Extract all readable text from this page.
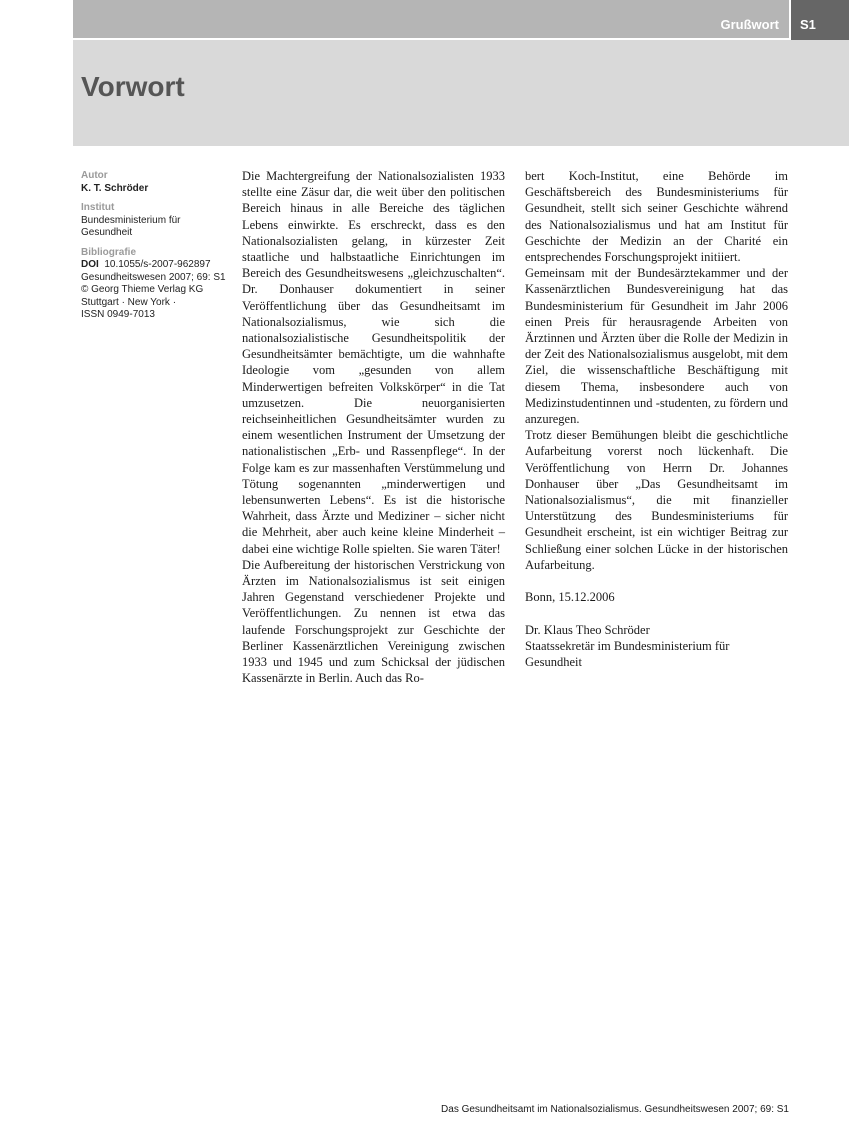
Grußwort S1
Vorwort
Autor
K. T. Schröder
Institut
Bundesministerium für
Gesundheit
Bibliografie
DOI 10.1055/s-2007-962897
Gesundheitswesen 2007; 69: S1
© Georg Thieme Verlag KG
Stuttgart · New York ·
ISSN 0949-7013

Die Machtergreifung der Nationalsozialisten 1933 stellte eine Zäsur dar, die weit über den politischen Bereich hinaus in alle Bereiche des täglichen Lebens einwirkte. Es erschreckt, dass es den Nationalsozialisten gelang, in kürzester Zeit staatliche und halbstaatliche Einrichtungen im Bereich des Gesundheitswesens „gleichzuschalten“. Dr. Donhauser dokumentiert in seiner Veröffentlichung über das Gesundheitsamt im Nationalsozialismus, wie sich die nationalsozialistische Gesundheitspolitik der Gesundheitsämter bemächtigte, um die wahnhafte Ideologie vom „gesunden von allem Minderwertigen befreiten Volkskörper“ in die Tat umzusetzen. Die neuorganisierten reichseinheitlichen Gesundheitsämter wurden zu einem wesentlichen Instrument der Umsetzung der nationalistischen „Erb- und Rassenpflege“. In der Folge kam es zur massenhaften Verstümmelung und Tötung sogenannten „minderwertigen und lebensunwerten Lebens“. Es ist die historische Wahrheit, dass Ärzte und Mediziner – sicher nicht die Mehrheit, aber auch keine kleine Minderheit – dabei eine wichtige Rolle spielten. Sie waren Täter!

Die Aufbereitung der historischen Verstrickung von Ärzten im Nationalsozialismus ist seit einigen Jahren Gegenstand verschiedener Projekte und Veröffentlichungen. Zu nennen ist etwa das laufende Forschungsprojekt zur Geschichte der Berliner Kassenärztlichen Vereinigung zwischen 1933 und 1945 und zum Schicksal der jüdischen Kassenärzte in Berlin. Auch das Ro-

bert Koch-Institut, eine Behörde im Geschäftsbereich des Bundesministeriums für Gesundheit, stellt sich seiner Geschichte während des Nationalsozialismus und hat am Institut für Geschichte der Medizin an der Charité ein entsprechendes Forschungsprojekt initiiert.

Gemeinsam mit der Bundesärztekammer und der Kassenärztlichen Bundesvereinigung hat das Bundesministerium für Gesundheit im Jahr 2006 einen Preis für herausragende Arbeiten von Ärztinnen und Ärzten über die Rolle der Medizin in der Zeit des Nationalsozialismus ausgelobt, mit dem Ziel, die wissenschaftliche Beschäftigung mit diesem Thema, insbesondere auch von Medizinstudentinnen und -studenten, zu fördern und anzuregen.

Trotz dieser Bemühungen bleibt die geschichtliche Aufarbeitung vorerst noch lückenhaft. Die Veröffentlichung von Herrn Dr. Johannes Donhauser über „Das Gesundheitsamt im Nationalsozialismus“, die mit finanzieller Unterstützung des Bundesministeriums für Gesundheit erscheint, ist ein wichtiger Beitrag zur Schließung einer solchen Lücke in der historischen Aufarbeitung.

Bonn, 15.12.2006

Dr. Klaus Theo Schröder

Staatssekretär im Bundesministerium für Gesundheit

Das Gesundheitsamt im Nationalsozialismus. Gesundheitswesen 2007; 69: S1
